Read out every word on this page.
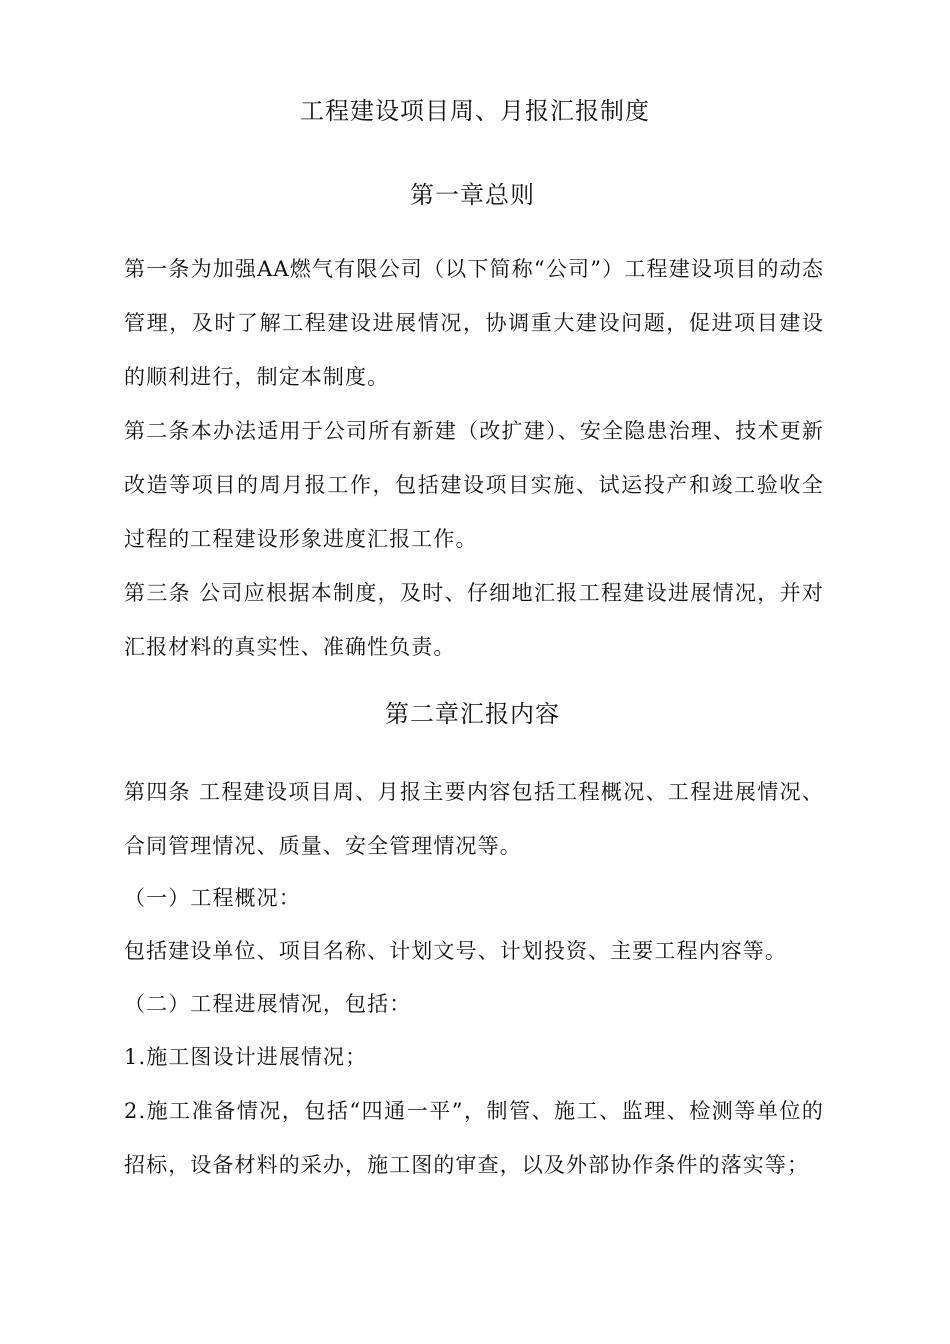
工程建设项目周、月报汇报制度
第一章总则

第一条为加强AA燃气有限公司（以下简称“公司”）工程建设项目的动态管理，及时了解工程建设进展情况，协调重大建设问题，促进项目建设的顺利进行，制定本制度。

第二条本办法适用于公司所有新建（改扩建）、安全隐患治理、技术更新改造等项目的周月报工作，包括建设项目实施、试运投产和竣工验收全过程的工程建设形象进度汇报工作。

第三条 公司应根据本制度，及时、仔细地汇报工程建设进展情况，并对汇报材料的真实性、准确性负责。

第二章汇报内容

第四条 工程建设项目周、月报主要内容包括工程概况、工程进展情况、合同管理情况、质量、安全管理情况等。

（一）工程概况：

包括建设单位、项目名称、计划文号、计划投资、主要工程内容等。

（二）工程进展情况，包括：

1.施工图设计进展情况；

2.施工准备情况，包括“四通一平”，制管、施工、监理、检测等单位的招标，设备材料的采办，施工图的审查，以及外部协作条件的落实等；
